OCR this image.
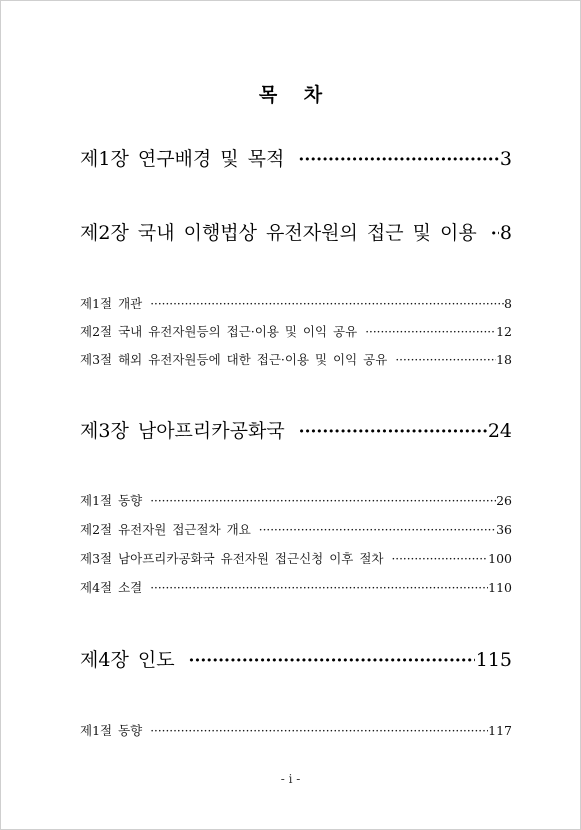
목 차
제1장 연구배경 및 목적 ·····	3
제2장 국내 이행법상 유전자원의 접근 및 이용 ····· 8
제1절 개관 ·····	8
제2절 국내 유전자원등의 접근·이용 및 이익 공유 ·····	12
제3절 해외 유전자원등에 대한 접근·이용 및 이익 공유 ·····	18
제3장 남아프리카공화국 ·····	24
제1절 동향 ·····	26
제2절 유전자원 접근절차 개요 ·····	36
제3절 남아프리카공화국 유전자원 접근신청 이후 절차 ·····	100
제4절 소결 ·····	110
제4장 인도 ·····	115
제1절 동향 ·····	117
- i -
